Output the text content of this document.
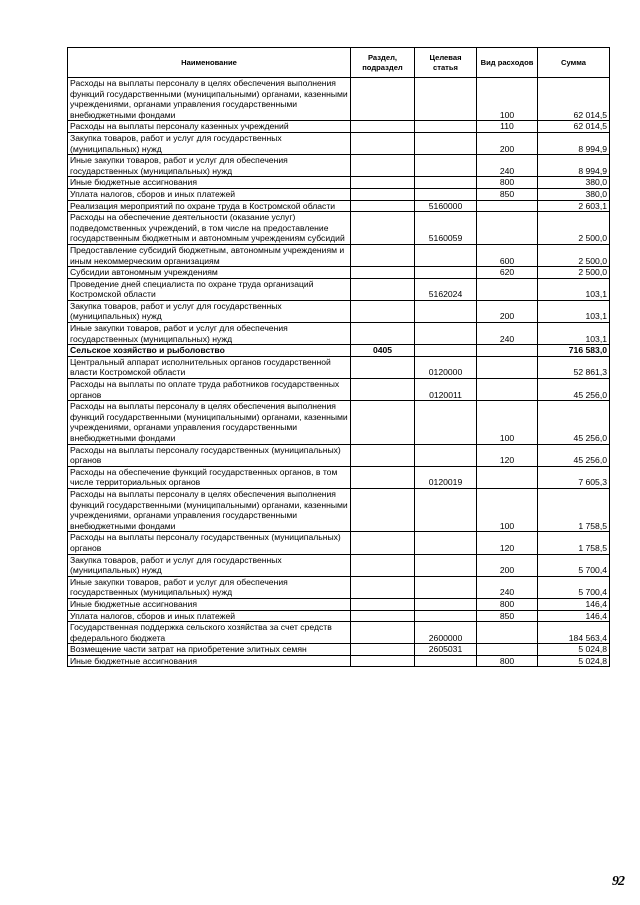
Наименование	Раздел, подраздел	Целевая статья	Вид расходов	Сумма
Расходы на выплаты персоналу в целях обеспечения выполнения функций государственными (муниципальными) органами, казенными учреждениями, органами управления государственными внебюджетными фондами			100	62 014,5
Расходы на выплаты персоналу казенных учреждений			110	62 014,5
Закупка товаров, работ и услуг для государственных (муниципальных) нужд			200	8 994,9
Иные закупки товаров, работ и услуг для обеспечения государственных (муниципальных) нужд			240	8 994,9
Иные бюджетные ассигнования			800	380,0
Уплата налогов, сборов и иных платежей			850	380,0
Реализация мероприятий по охране труда в Костромской области		5160000		2 603,1
Расходы на обеспечение деятельности (оказание услуг) подведомственных учреждений, в том числе на предоставление государственным бюджетным и автономным учреждениям субсидий		5160059		2 500,0
Предоставление субсидий бюджетным, автономным учреждениям и иным некоммерческим организациям			600	2 500,0
Субсидии автономным учреждениям			620	2 500,0
Проведение дней специалиста по охране труда организаций Костромской области		5162024		103,1
Закупка товаров, работ и услуг для государственных (муниципальных) нужд			200	103,1
Иные закупки товаров, работ и услуг для обеспечения государственных (муниципальных) нужд			240	103,1
Сельское хозяйство и рыболовство	0405			716 583,0
Центральный аппарат исполнительных органов государственной власти Костромской области		0120000		52 861,3
Расходы на выплаты по оплате труда работников государственных органов		0120011		45 256,0
Расходы на выплаты персоналу в целях обеспечения выполнения функций государственными (муниципальными) органами, казенными учреждениями, органами управления государственными внебюджетными фондами			100	45 256,0
Расходы на выплаты персоналу государственных (муниципальных) органов			120	45 256,0
Расходы на обеспечение функций государственных органов, в том числе территориальных органов		0120019		7 605,3
Расходы на выплаты персоналу в целях обеспечения выполнения функций государственными (муниципальными) органами, казенными учреждениями, органами управления государственными внебюджетными фондами			100	1 758,5
Расходы на выплаты персоналу государственных (муниципальных) органов			120	1 758,5
Закупка товаров, работ и услуг для государственных (муниципальных) нужд			200	5 700,4
Иные закупки товаров, работ и услуг для обеспечения государственных (муниципальных) нужд			240	5 700,4
Иные бюджетные ассигнования			800	146,4
Уплата налогов, сборов и иных платежей			850	146,4
Государственная поддержка сельского хозяйства за счет средств федерального бюджета		2600000		184 563,4
Возмещение части затрат на приобретение элитных семян		2605031		5 024,8
Иные бюджетные ассигнования			800	5 024,8
92
